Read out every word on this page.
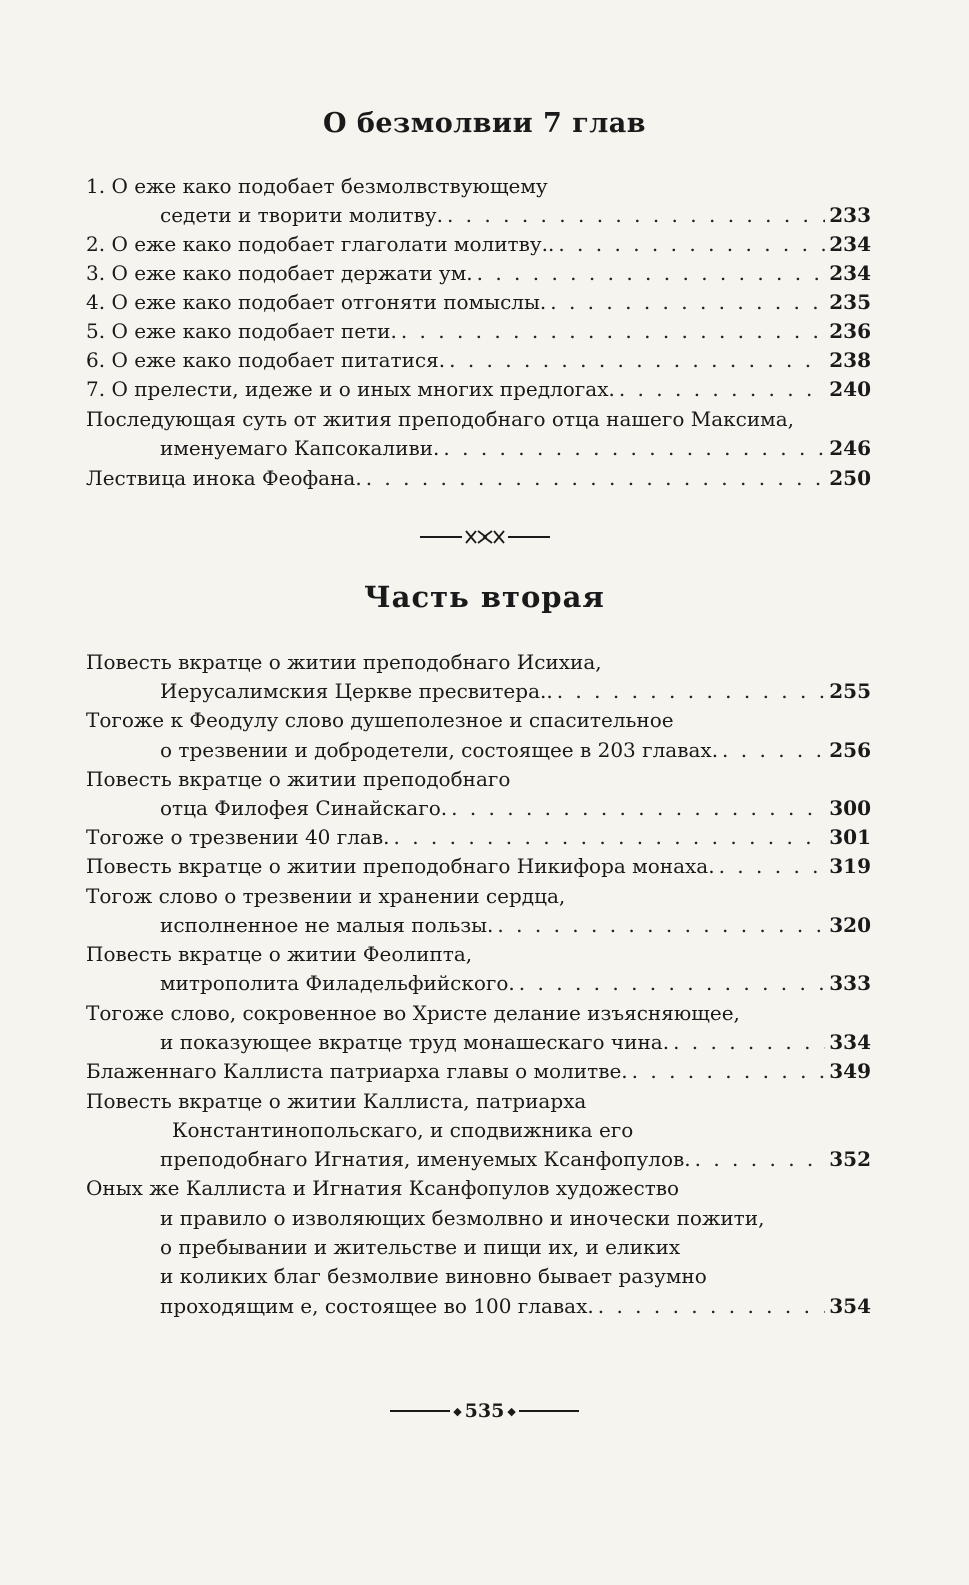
О безмолвии 7 глав
1. О еже како подобает безмолвствующему
седети и творити молитву. . . .	233
2. О еже како подобает глаголати молитву.. . . .	234
3. О еже како подобает держати ум. . . .	234
4. О еже како подобает отгоняти помыслы. . . .	235
5. О еже како подобает пети. . . .	236
6. О еже како подобает питатися. . . .	238
7. О прелести, идеже и о иных многих предлогах. . . .	240
Последующая суть от жития преподобнаго отца нашего Максима,
именуемаго Капсокаливи. . . .	246
Лествица инока Феофана. . . .	250
Часть вторая
Повесть вкратце о житии преподобнаго Исихиа,
Иерусалимския Церкве пресвитера.. . . .	255
Тогоже к Феодулу слово душеполезное и спасительное
о трезвении и добродетели, состоящее в 203 главах. . . .	256
Повесть вкратце о житии преподобнаго
отца Филофея Синайскаго. . . .	300
Тогоже о трезвении 40 глав. . . .	301
Повесть вкратце о житии преподобнаго Никифора монаха. . . .	319
Тогож слово о трезвении и хранении сердца,
исполненное не малыя пользы. . . .	320
Повесть вкратце о житии Феолипта,
митрополита Филадельфийского. . . .	333
Тогоже слово, сокровенное во Христе делание изъясняющее,
и показующее вкратце труд монашескаго чина. . . .	334
Блаженнаго Каллиста патриарха главы о молитве. . . .	349
Повесть вкратце о житии Каллиста, патриарха
Константинопольскаго, и сподвижника его
преподобнаго Игнатия, именуемых Ксанфопулов. . . .	352
Оных же Каллиста и Игнатия Ксанфопулов художество
и правило о изволяющих безмолвно и иночески пожити,
о пребывании и жительстве и пищи их, и еликих
и коликих благ безмолвие виновно бывает разумно
проходящим е, состоящее во 100 главах. . . .	354
◆ 535 ◆
